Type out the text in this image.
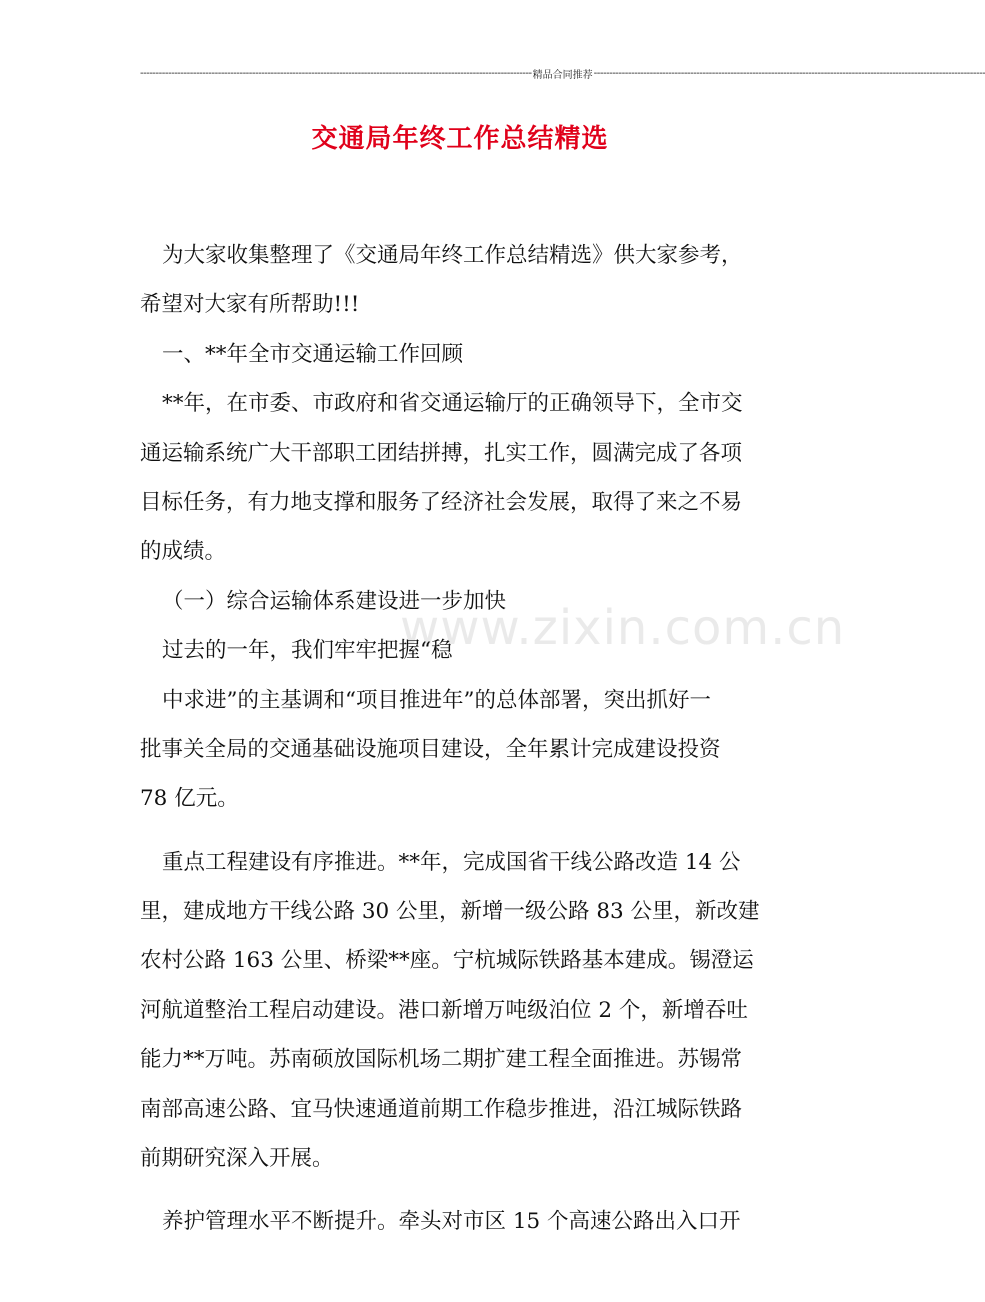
------------------------------------------------------------------------------------------------------------------------------ 精品合同推荐 ------------------------------------------------------------------------------------------------------------------------------
交通局年终工作总结精选
www.zixin.com.cn
为大家收集整理了《交通局年终工作总结精选》供大家参考，
希望对大家有所帮助!!!
一、**年全市交通运输工作回顾
**年，在市委、市政府和省交通运输厅的正确领导下，全市交
通运输系统广大干部职工团结拼搏，扎实工作，圆满完成了各项
目标任务，有力地支撑和服务了经济社会发展，取得了来之不易
的成绩。
（一）综合运输体系建设进一步加快
过去的一年，我们牢牢把握“稳
中求进”的主基调和“项目推进年”的总体部署，突出抓好一
批事关全局的交通基础设施项目建设，全年累计完成建设投资
78 亿元。
重点工程建设有序推进。**年，完成国省干线公路改造 14 公
里，建成地方干线公路 30 公里，新增一级公路 83 公里，新改建
农村公路 163 公里、桥梁**座。宁杭城际铁路基本建成。锡澄运
河航道整治工程启动建设。港口新增万吨级泊位 2 个，新增吞吐
能力**万吨。苏南硕放国际机场二期扩建工程全面推进。苏锡常
南部高速公路、宜马快速通道前期工作稳步推进，沿江城际铁路
前期研究深入开展。
养护管理水平不断提升。牵头对市区 15 个高速公路出入口开
